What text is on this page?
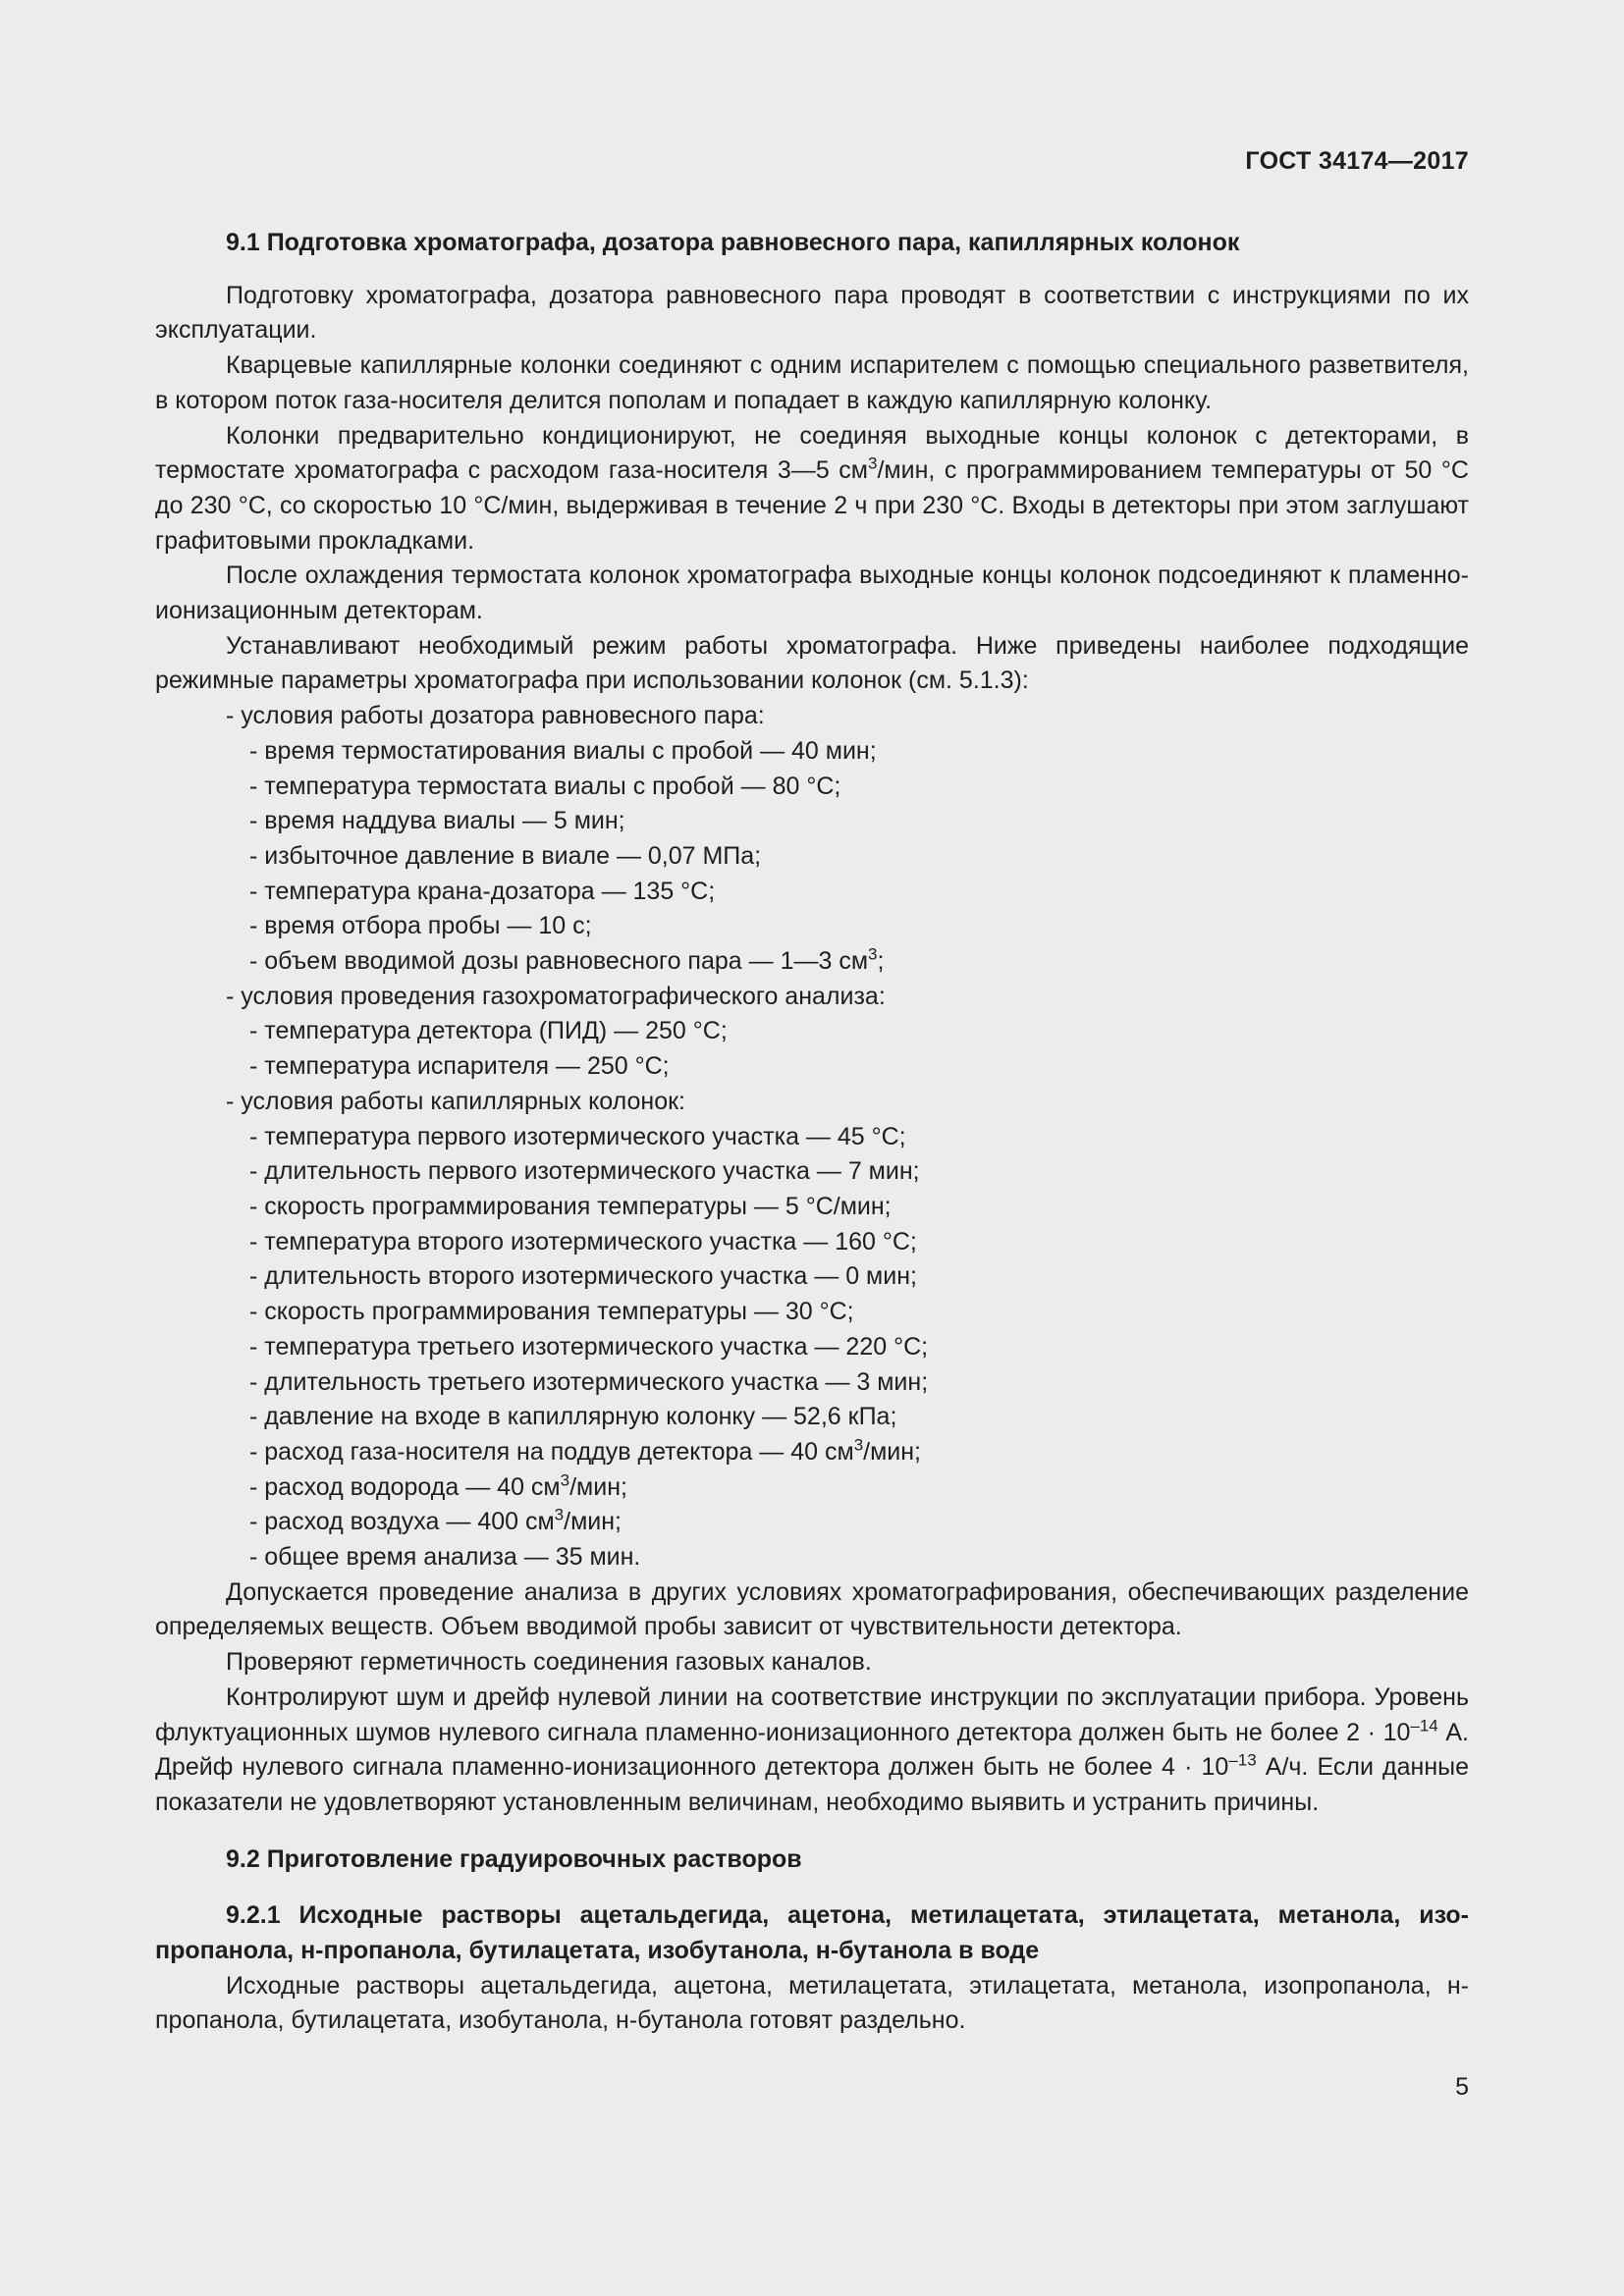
ГОСТ 34174—2017
9.1 Подготовка хроматографа, дозатора равновесного пара, капиллярных колонок
Подготовку хроматографа, дозатора равновесного пара проводят в соответствии с инструкциями по их эксплуатации.
Кварцевые капиллярные колонки соединяют с одним испарителем с помощью специального разветвителя, в котором поток газа-носителя делится пополам и попадает в каждую капиллярную колонку.
Колонки предварительно кондиционируют, не соединяя выходные концы колонок с детекторами, в термостате хроматографа с расходом газа-носителя 3—5 $см^3$/мин, с программированием температуры от 50 °С до 230 °С, со скоростью 10 °С/мин, выдерживая в течение 2 ч при 230 °С. Входы в детекторы при этом заглушают графитовыми прокладками.
После охлаждения термостата колонок хроматографа выходные концы колонок подсоединяют к пламенно-ионизационным детекторам.
Устанавливают необходимый режим работы хроматографа. Ниже приведены наиболее подходящие режимные параметры хроматографа при использовании колонок (см. 5.1.3):
- условия работы дозатора равновесного пара:
- время термостатирования виалы с пробой — 40 мин;
- температура термостата виалы с пробой — 80 °С;
- время наддува виалы — 5 мин;
- избыточное давление в виале — 0,07 МПа;
- температура крана-дозатора — 135 °С;
- время отбора пробы — 10 с;
- объем вводимой дозы равновесного пара — 1—3 $см^3$;
- условия проведения газохроматографического анализа:
- температура детектора (ПИД) — 250 °С;
- температура испарителя — 250 °С;
- условия работы капиллярных колонок:
- температура первого изотермического участка — 45 °С;
- длительность первого изотермического участка — 7 мин;
- скорость программирования температуры — 5 °С/мин;
- температура второго изотермического участка — 160 °С;
- длительность второго изотермического участка — 0 мин;
- скорость программирования температуры — 30 °С;
- температура третьего изотермического участка — 220 °С;
- длительность третьего изотермического участка — 3 мин;
- давление на входе в капиллярную колонку — 52,6 кПа;
- расход газа-носителя на поддув детектора — 40 $см^3$/мин;
- расход водорода — 40 $см^3$/мин;
- расход воздуха — 400 $см^3$/мин;
- общее время анализа — 35 мин.
Допускается проведение анализа в других условиях хроматографирования, обеспечивающих разделение определяемых веществ. Объем вводимой пробы зависит от чувствительности детектора.
Проверяют герметичность соединения газовых каналов.
Контролируют шум и дрейф нулевой линии на соответствие инструкции по эксплуатации прибора. Уровень флуктуационных шумов нулевого сигнала пламенно-ионизационного детектора должен быть не более $2 \cdot 10^{-14}$ А. Дрейф нулевого сигнала пламенно-ионизационного детектора должен быть не более $4 \cdot 10^{-13}$ А/ч. Если данные показатели не удовлетворяют установленным величинам, необходимо выявить и устранить причины.
9.2 Приготовление градуировочных растворов
9.2.1 Исходные растворы ацетальдегида, ацетона, метилацетата, этилацетата, метанола, изо-пропанола, н-пропанола, бутилацетата, изобутанола, н-бутанола в воде
Исходные растворы ацетальдегида, ацетона, метилацетата, этилацетата, метанола, изопропанола, н-пропанола, бутилацетата, изобутанола, н-бутанола готовят раздельно.
5
